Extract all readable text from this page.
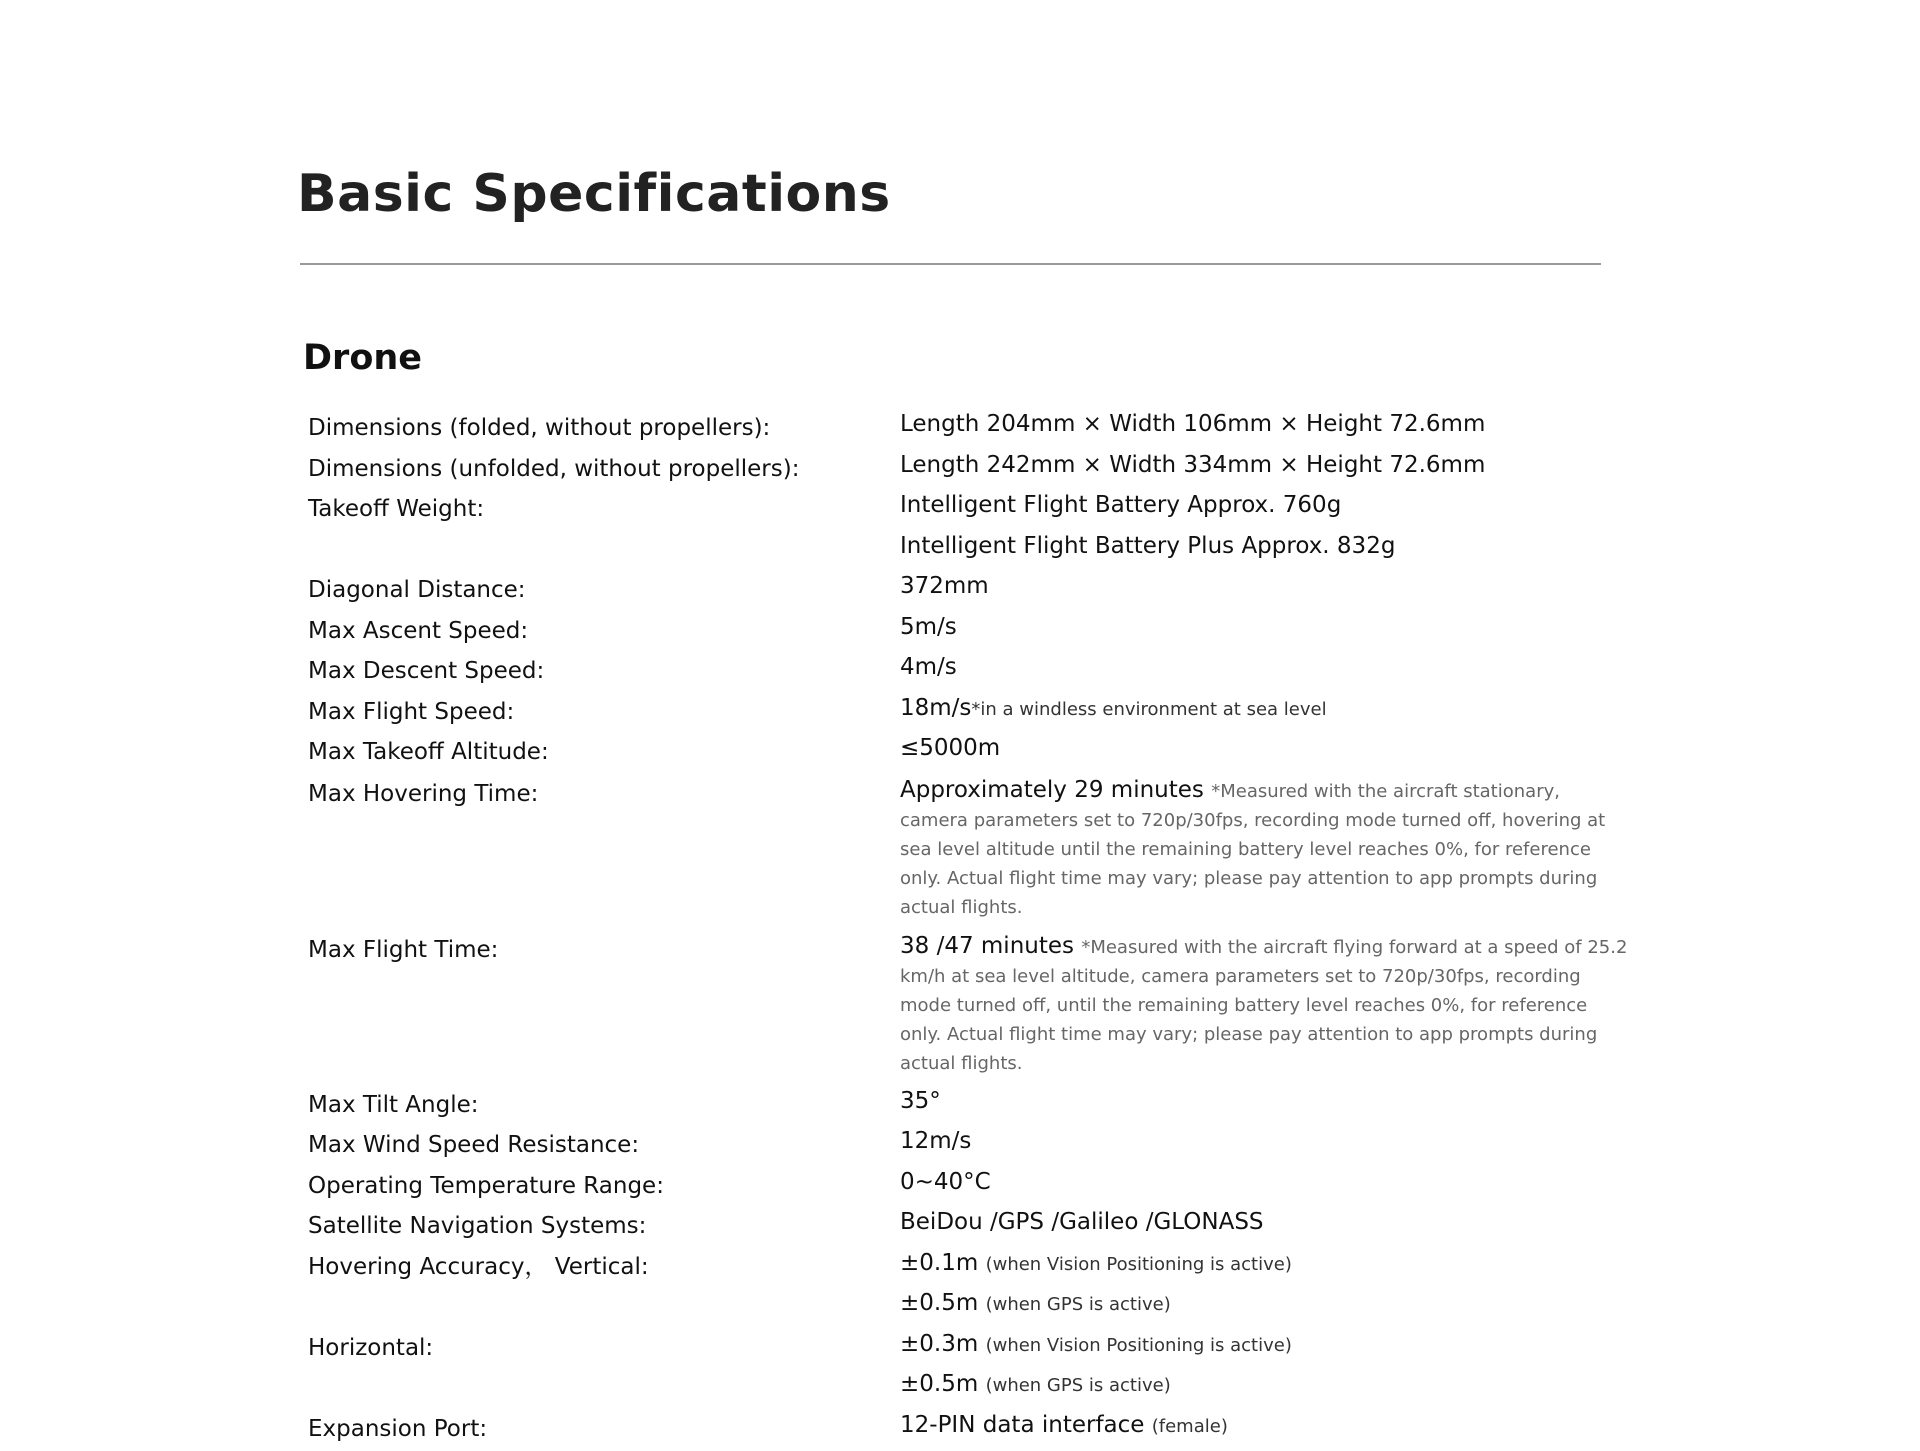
Basic Specifications
Drone
Dimensions (folded, without propellers):	Length 204mm × Width 106mm × Height 72.6mm
Dimensions (unfolded, without propellers):	Length 242mm × Width 334mm × Height 72.6mm
Takeoff Weight:	Intelligent Flight Battery Approx. 760g
Intelligent Flight Battery Plus Approx. 832g
Diagonal Distance:	372mm
Max Ascent Speed:	5m/s
Max Descent Speed:	4m/s
Max Flight Speed:	18m/s*in a windless environment at sea level
Max Takeoff Altitude:	≤5000m
Max Hovering Time:	Approximately 29 minutes *Measured with the aircraft stationary, camera parameters set to 720p/30fps, recording mode turned off, hovering at sea level altitude until the remaining battery level reaches 0%, for reference only. Actual flight time may vary; please pay attention to app prompts during actual flights.
Max Flight Time:	38 /47 minutes *Measured with the aircraft flying forward at a speed of 25.2 km/h at sea level altitude, camera parameters set to 720p/30fps, recording mode turned off, until the remaining battery level reaches 0%, for reference only. Actual flight time may vary; please pay attention to app prompts during actual flights.
Max Tilt Angle:	35°
Max Wind Speed Resistance:	12m/s
Operating Temperature Range:	0~40°C
Satellite Navigation Systems:	BeiDou /GPS /Galileo /GLONASS
Hovering Accuracy， Vertical:	±0.1m (when Vision Positioning is active)
±0.5m (when GPS is active)
Horizontal:	±0.3m (when Vision Positioning is active)
±0.5m (when GPS is active)
Expansion Port:	12-PIN data interface (female)
